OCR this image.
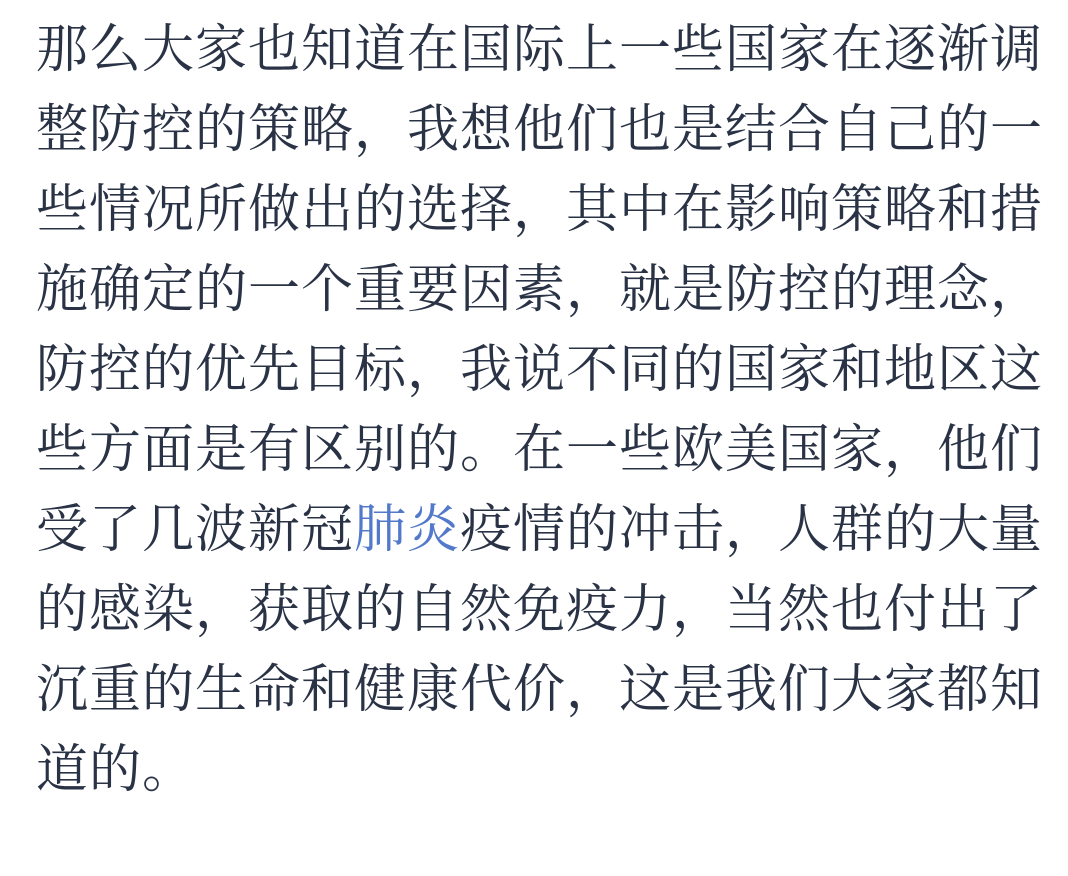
那么大家也知道在国际上一些国家在逐渐调
整防控的策略，我想他们也是结合自己的一
些情况所做出的选择，其中在影响策略和措
施确定的一个重要因素，就是防控的理念，
防控的优先目标，我说不同的国家和地区这
些方面是有区别的。在一些欧美国家，他们
受了几波新冠肺炎疫情的冲击，人群的大量
的感染，获取的自然免疫力，当然也付出了
沉重的生命和健康代价，这是我们大家都知
道的。
